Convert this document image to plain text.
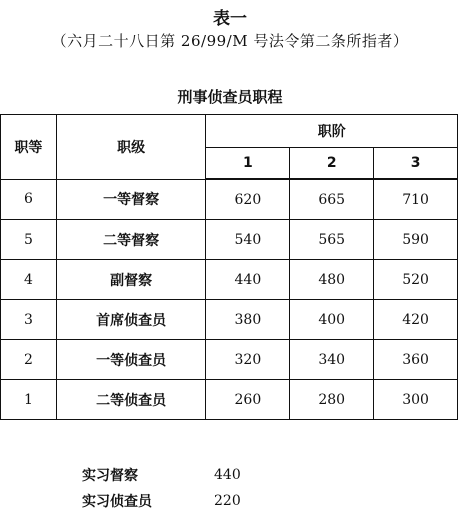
表一
（六月二十八日第 26/99/M 号法令第二条所指者）
刑事侦查员职程
职等	职级	职阶		
		1	2	3
6	一等督察	620	665	710
5	二等督察	540	565	590
4	副督察	440	480	520
3	首席侦查员	380	400	420
2	一等侦查员	320	340	360
1	二等侦查员	260	280	300
实习督察	440
实习侦查员	220
